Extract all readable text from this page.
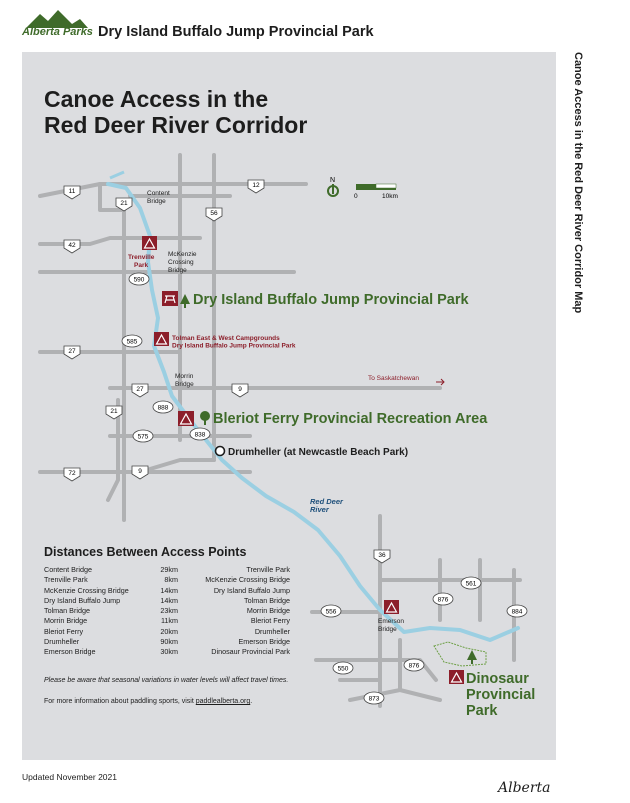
Alberta Parks Dry Island Buffalo Jump Provincial Park
Canoe Access in the Red Deer River Corridor Map
N
0	10km
11
12
21
56
42
590
585
27
27	9
888
21
575	838
72	9
36
561
876
884
556
876
550
873
Content Bridge
McKenzie Crossing Bridge
Morrin Bridge
Emerson Bridge
Trenville Park
Tolman East & West Campgrounds Dry Island Buffalo Jump Provincial Park
To Saskatchewan
Red Deer River
Dry Island Buffalo Jump Provincial Park
Bleriot Ferry Provincial Recreation Area
Drumheller (at Newcastle Beach Park)
Dinosaur Provincial Park
Canoe Access in the
Red Deer River Corridor
Distances Between Access Points
Content Bridge	29km	Trenville Park
Trenville Park	8km	McKenzie Crossing Bridge
McKenzie Crossing Bridge	14km	Dry Island Buffalo Jump
Dry Island Buffalo Jump	14km	Tolman Bridge
Tolman Bridge	23km	Morrin Bridge
Morrin Bridge	11km	Bleriot Ferry
Bleriot Ferry	20km	Drumheller
Drumheller	90km	Emerson Bridge
Emerson Bridge	30km	Dinosaur Provincial Park
Please be aware that seasonal variations in water levels will affect travel times.
For more information about paddling sports, visit paddlealberta.org.
Updated November 2021
Alberta
